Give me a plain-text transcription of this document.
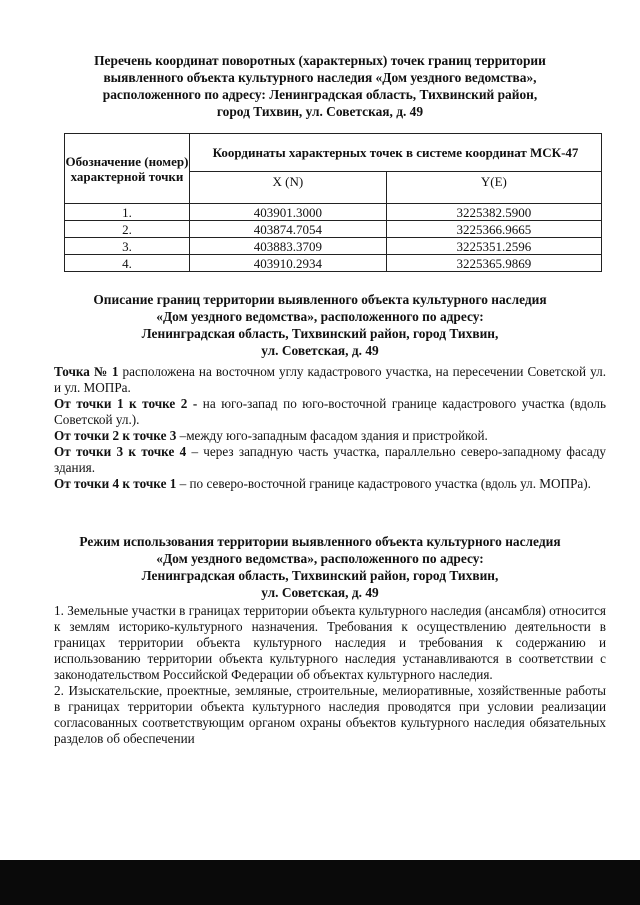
Перечень координат поворотных (характерных) точек границ территории
выявленного объекта культурного наследия «Дом уездного ведомства»,
расположенного по адресу: Ленинградская область, Тихвинский район,
город Тихвин, ул. Советская, д. 49
Обозначение (номер) характерной точки	Координаты характерных точек в системе координат МСК-47	
	X (N)	Y(E)
1.	403901.3000	3225382.5900
2.	403874.7054	3225366.9665
3.	403883.3709	3225351.2596
4.	403910.2934	3225365.9869
Описание границ территории выявленного объекта культурного наследия
«Дом уездного ведомства», расположенного по адресу:
Ленинградская область, Тихвинский район, город Тихвин,
ул. Советская, д. 49

Точка № 1 расположена на восточном углу кадастрового участка, на пересечении Советской ул. и ул. МОПРа.

От точки 1 к точке 2 - на юго-запад по юго-восточной границе кадастрового участка (вдоль Советской ул.).

От точки 2 к точке 3 –между юго-западным фасадом здания и пристройкой.

От точки 3 к точке 4 – через западную часть участка, параллельно северо-западному фасаду здания.

От точки 4 к точке 1 – по северо-восточной границе кадастрового участка (вдоль ул. МОПРа).

Режим использования территории выявленного объекта культурного наследия
«Дом уездного ведомства», расположенного по адресу:
Ленинградская область, Тихвинский район, город Тихвин,
ул. Советская, д. 49

1. Земельные участки в границах территории объекта культурного наследия (ансамбля) относится к землям историко-культурного назначения. Требования к осуществлению деятельности в границах территории объекта культурного наследия и требования к содержанию и использованию территории объекта культурного наследия устанавливаются в соответствии с законодательством Российской Федерации об объектах культурного наследия.

2. Изыскательские, проектные, земляные, строительные, мелиоративные, хозяйственные работы в границах территории объекта культурного наследия проводятся при условии реализации согласованных соответствующим органом охраны объектов культурного наследия обязательных разделов об обеспечении
